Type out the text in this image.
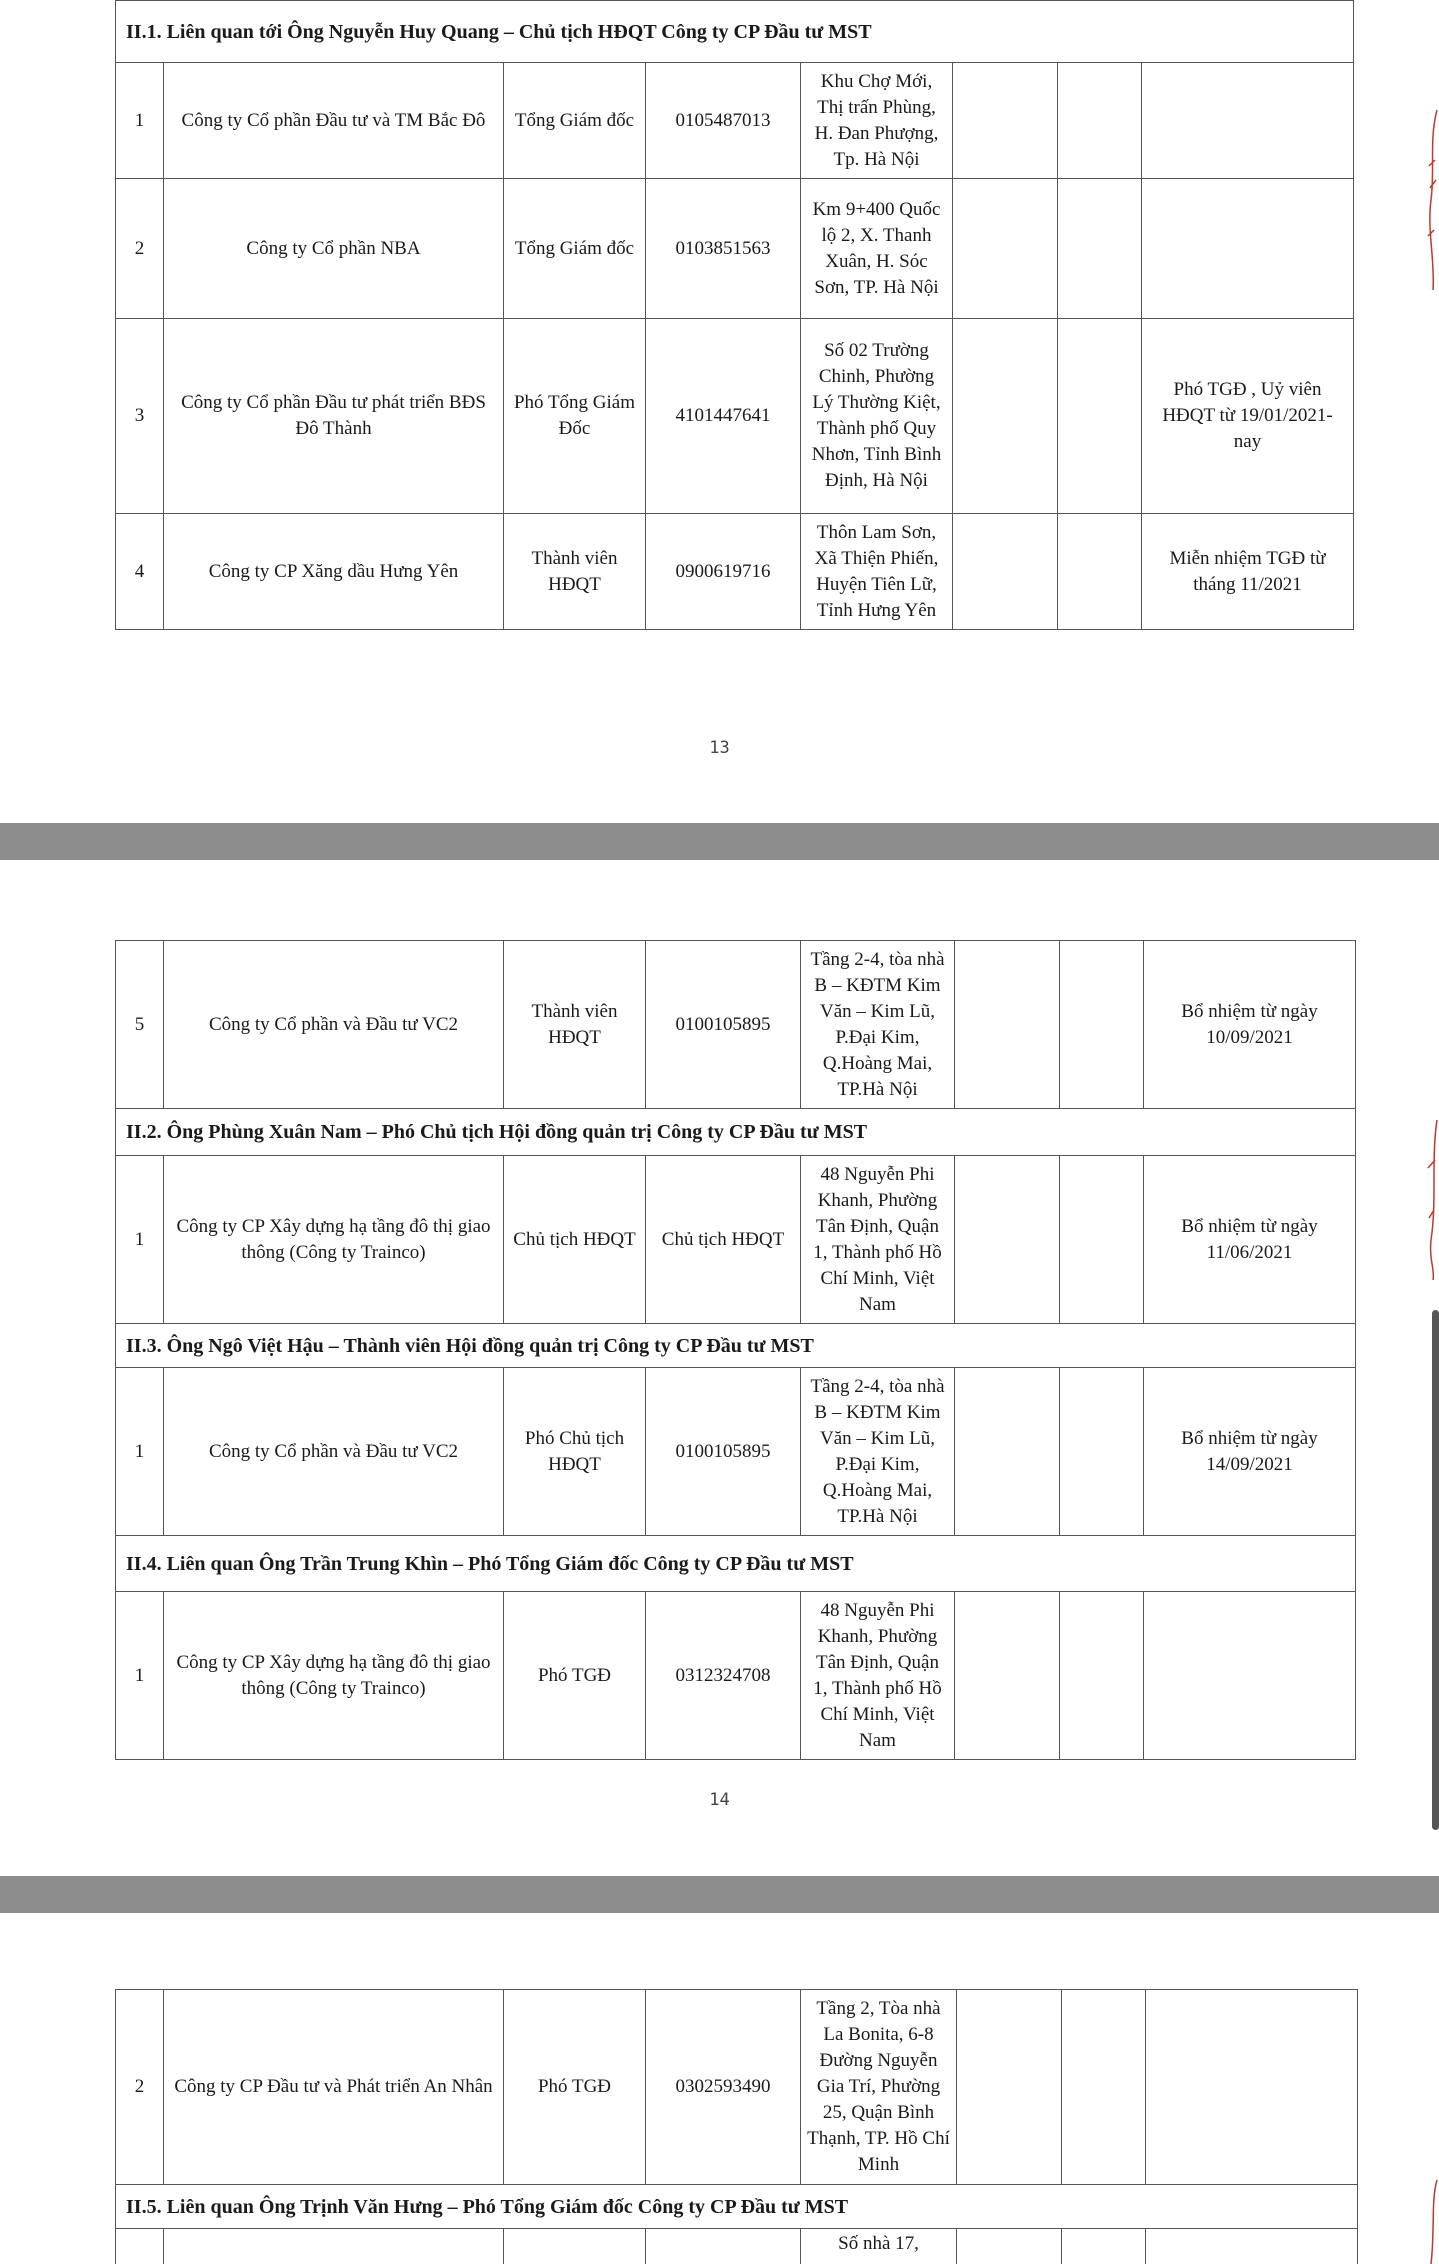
II.1. Liên quan tới Ông Nguyễn Huy Quang – Chủ tịch HĐQT Công ty CP Đầu tư MST							
1	Công ty Cổ phần Đầu tư và TM Bắc Đô	Tổng Giám đốc	0105487013	Khu Chợ Mới, Thị trấn Phùng, H. Đan Phượng, Tp. Hà Nội			
2	Công ty Cổ phần NBA	Tổng Giám đốc	0103851563	Km 9+400 Quốc lộ 2, X. Thanh Xuân, H. Sóc Sơn, TP. Hà Nội			
3	Công ty Cổ phần Đầu tư phát triển BĐS Đô Thành	Phó Tổng Giám Đốc	4101447641	Số 02 Trường Chinh, Phường Lý Thường Kiệt, Thành phố Quy Nhơn, Tỉnh Bình Định, Hà Nội			Phó TGĐ , Uỷ viên HĐQT từ 19/01/2021- nay
4	Công ty CP Xăng dầu Hưng Yên	Thành viên HĐQT	0900619716	Thôn Lam Sơn, Xã Thiện Phiến, Huyện Tiên Lữ, Tỉnh Hưng Yên			Miễn nhiệm TGĐ từ tháng 11/2021
13
5	Công ty Cổ phần và Đầu tư VC2	Thành viên HĐQT	0100105895	Tầng 2-4, tòa nhà B – KĐTM Kim Văn – Kim Lũ, P.Đại Kim, Q.Hoàng Mai, TP.Hà Nội			Bổ nhiệm từ ngày 10/09/2021
II.2. Ông Phùng Xuân Nam – Phó Chủ tịch Hội đồng quản trị Công ty CP Đầu tư MST							
1	Công ty CP Xây dựng hạ tầng đô thị giao thông (Công ty Trainco)	Chủ tịch HĐQT	Chủ tịch HĐQT	48 Nguyễn Phi Khanh, Phường Tân Định, Quận 1, Thành phố Hồ Chí Minh, Việt Nam			Bổ nhiệm từ ngày 11/06/2021
II.3. Ông Ngô Việt Hậu – Thành viên Hội đồng quản trị Công ty CP Đầu tư MST							
1	Công ty Cổ phần và Đầu tư VC2	Phó Chủ tịch HĐQT	0100105895	Tầng 2-4, tòa nhà B – KĐTM Kim Văn – Kim Lũ, P.Đại Kim, Q.Hoàng Mai, TP.Hà Nội			Bổ nhiệm từ ngày 14/09/2021
II.4. Liên quan Ông Trần Trung Khìn – Phó Tổng Giám đốc Công ty CP Đầu tư MST							
1	Công ty CP Xây dựng hạ tầng đô thị giao thông (Công ty Trainco)	Phó TGĐ	0312324708	48 Nguyễn Phi Khanh, Phường Tân Định, Quận 1, Thành phố Hồ Chí Minh, Việt Nam			
14
2	Công ty CP Đầu tư và Phát triển An Nhân	Phó TGĐ	0302593490	Tầng 2, Tòa nhà La Bonita, 6-8 Đường Nguyễn Gia Trí, Phường 25, Quận Bình Thạnh, TP. Hồ Chí Minh			
II.5. Liên quan Ông Trịnh Văn Hưng – Phó Tổng Giám đốc Công ty CP Đầu tư MST							
				Số nhà 17,			
